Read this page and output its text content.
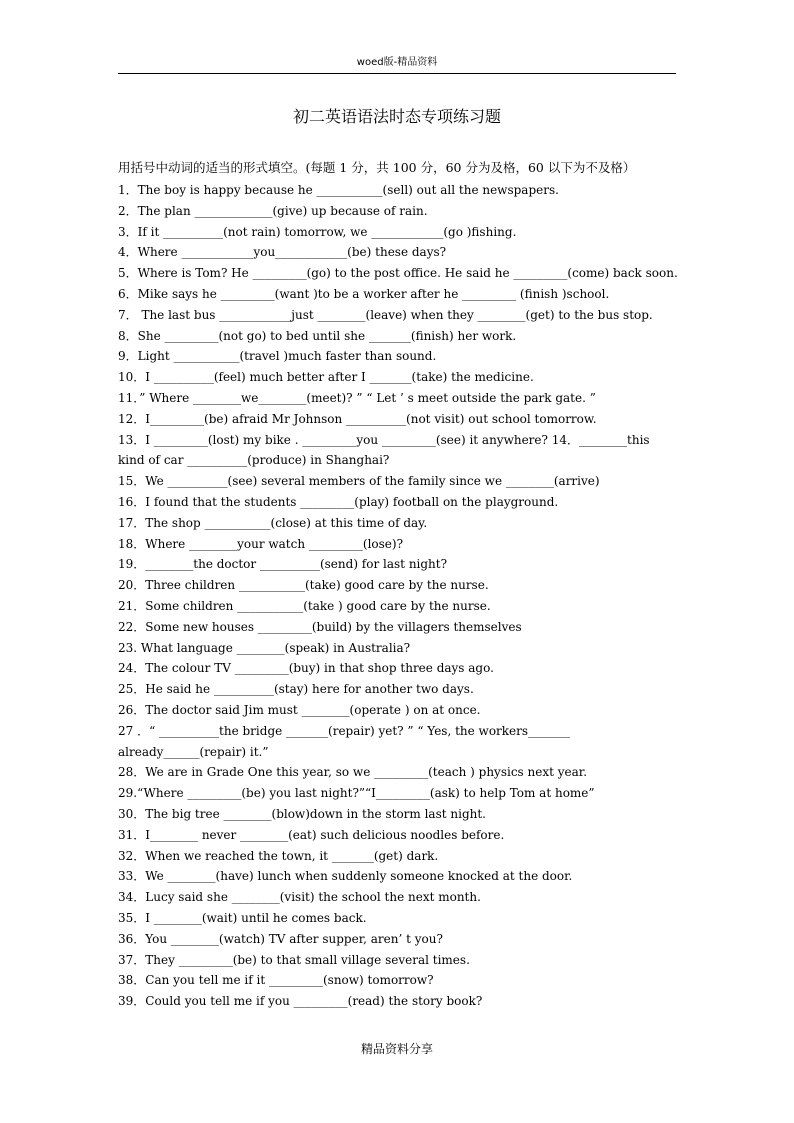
woed版-精品资料
初二英语语法时态专项练习题
用括号中动词的适当的形式填空。(每题 1 分，共 100 分，60 分为及格，60 以下为不及格）
1．The boy is happy because he ___________(sell) out all the newspapers.
2．The plan _____________(give) up because of rain.
3．If it __________(not rain) tomorrow, we ____________(go )fishing.
4．Where ____________you____________(be) these days?
5．Where is Tom? He _________(go) to the post office. He said he _________(come) back soon.
6．Mike says he _________(want )to be a worker after he _________ (finish )school.
7． The last bus ____________just ________(leave) when they ________(get) to the bus stop.
8．She _________(not go) to bed until she _______(finish) her work.
9．Light ___________(travel )much faster than sound.
10．I __________(feel) much better after I _______(take) the medicine.
11．” Where ________we________(meet)? ” “ Let ’ s meet outside the park gate. ”
12．I_________(be) afraid Mr Johnson __________(not visit) out school tomorrow.
13．I _________(lost) my bike . _________you _________(see) it anywhere? 14．________this
kind of car __________(produce) in Shanghai?
15．We __________(see) several members of the family since we ________(arrive)
16．I found that the students _________(play) football on the playground.
17．The shop ___________(close) at this time of day.
18．Where ________your watch _________(lose)?
19．________the doctor __________(send) for last night?
20．Three children ___________(take) good care by the nurse.
21．Some children ___________(take ) good care by the nurse.
22．Some new houses _________(build) by the villagers themselves
23. What language ________(speak) in Australia?
24．The colour TV _________(buy) in that shop three days ago.
25．He said he __________(stay) here for another two days.
26．The doctor said Jim must ________(operate ) on at once.
27 ．“ __________the bridge _______(repair) yet? ” “ Yes, the workers_______
already______(repair) it.”
28．We are in Grade One this year, so we _________(teach ) physics next year.
29.“Where _________(be) you last night?”“I_________(ask) to help Tom at home”
30．The big tree ________(blow)down in the storm last night.
31．I________ never ________(eat) such delicious noodles before.
32．When we reached the town, it _______(get) dark.
33．We ________(have) lunch when suddenly someone knocked at the door.
34．Lucy said she ________(visit) the school the next month.
35．I ________(wait) until he comes back.
36．You ________(watch) TV after supper, aren’ t you?
37．They _________(be) to that small village several times.
38．Can you tell me if it _________(snow) tomorrow?
39．Could you tell me if you _________(read) the story book?
精品资料分享
